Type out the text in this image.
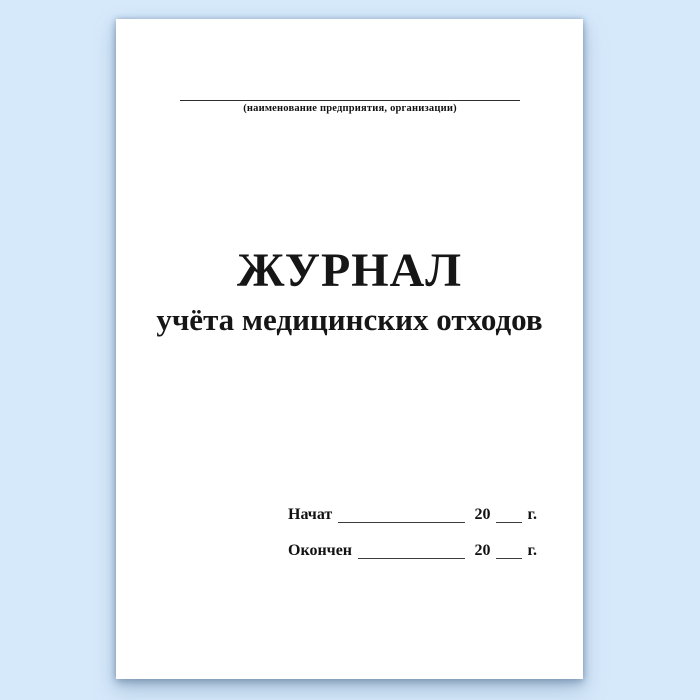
(наименование предприятия, организации)
ЖУРНАЛ
учёта медицинских отходов
Начат	20 г.
Окончен	20 г.
